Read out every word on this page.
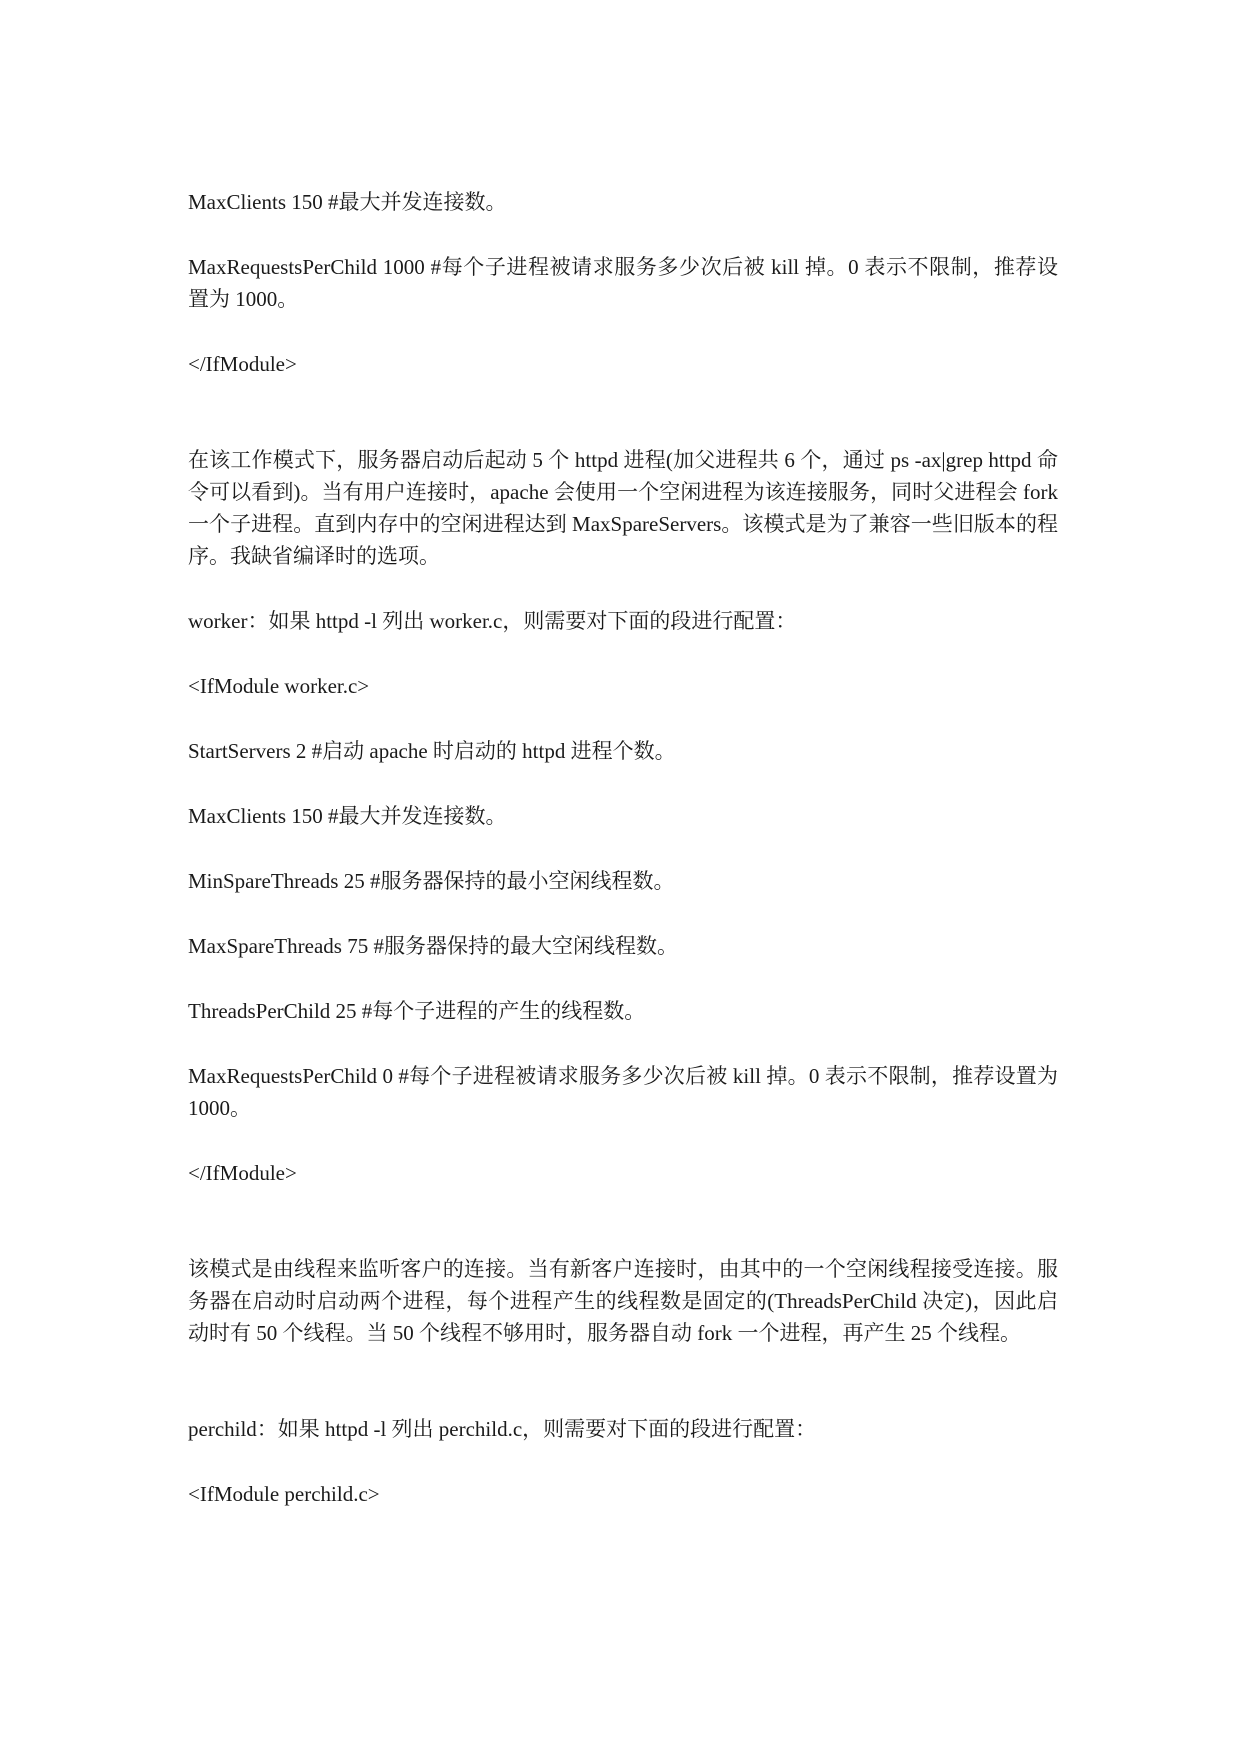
MaxClients 150 #最大并发连接数。

MaxRequestsPerChild 1000 #每个子进程被请求服务多少次后被 kill 掉。0 表示不限制，推荐设置为 1000。

</IfModule>

在该工作模式下，服务器启动后起动 5 个 httpd 进程(加父进程共 6 个，通过 ps -ax|grep httpd 命令可以看到)。当有用户连接时，apache 会使用一个空闲进程为该连接服务，同时父进程会 fork 一个子进程。直到内存中的空闲进程达到 MaxSpareServers。该模式是为了兼容一些旧版本的程序。我缺省编译时的选项。

worker：如果 httpd -l 列出 worker.c，则需要对下面的段进行配置：

<IfModule worker.c>

StartServers 2 #启动 apache 时启动的 httpd 进程个数。

MaxClients 150 #最大并发连接数。

MinSpareThreads 25 #服务器保持的最小空闲线程数。

MaxSpareThreads 75 #服务器保持的最大空闲线程数。

ThreadsPerChild 25 #每个子进程的产生的线程数。

MaxRequestsPerChild 0 #每个子进程被请求服务多少次后被 kill 掉。0 表示不限制，推荐设置为 1000。

</IfModule>

该模式是由线程来监听客户的连接。当有新客户连接时，由其中的一个空闲线程接受连接。服务器在启动时启动两个进程，每个进程产生的线程数是固定的(ThreadsPerChild 决定)，因此启动时有 50 个线程。当 50 个线程不够用时，服务器自动 fork 一个进程，再产生 25 个线程。

perchild：如果 httpd -l 列出 perchild.c，则需要对下面的段进行配置：

<IfModule perchild.c>
